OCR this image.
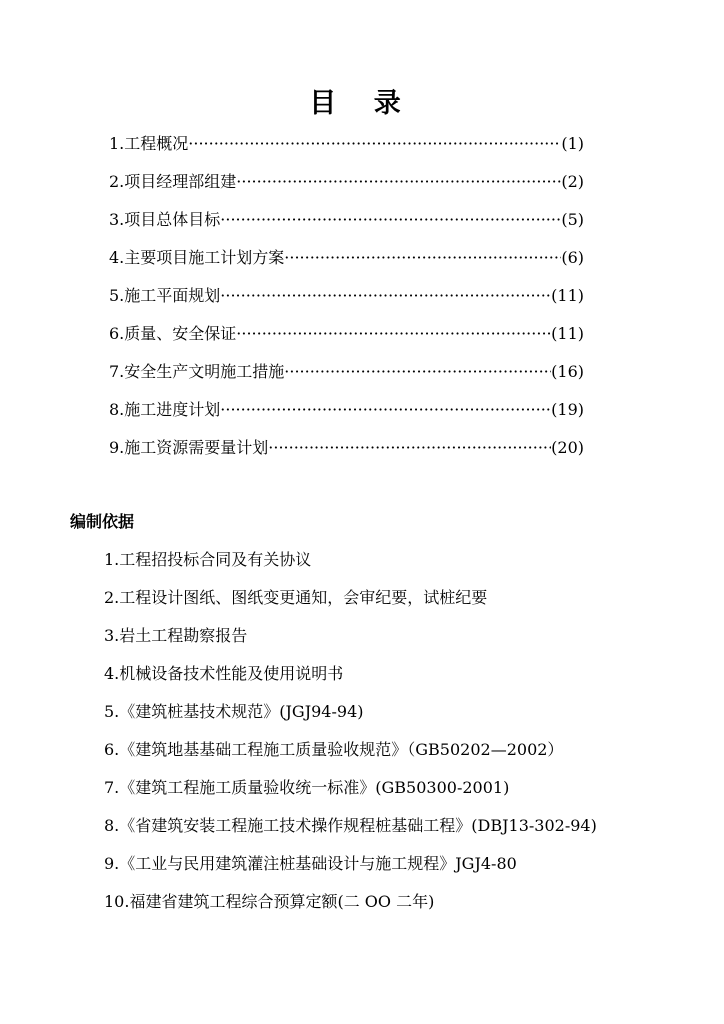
目 录
1.工程概况 ·····	(1)
2.项目经理部组建 ·····	(2)
3.项目总体目标 ·····	(5)
4.主要项目施工计划方案 ·····	(6)
5.施工平面规划 ·····	(11)
6.质量、安全保证 ·····	(11)
7.安全生产文明施工措施 ·····	(16)
8.施工进度计划 ·····	(19)
9.施工资源需要量计划 ·····	(20)
编制依据
1.工程招投标合同及有关协议
2.工程设计图纸、图纸变更通知，会审纪要，试桩纪要
3.岩土工程勘察报告
4.机械设备技术性能及使用说明书
5.《建筑桩基技术规范》(JGJ94-94)
6.《建筑地基基础工程施工质量验收规范》（GB50202—2002）
7.《建筑工程施工质量验收统一标准》(GB50300-2001)
8.《省建筑安装工程施工技术操作规程桩基础工程》(DBJ13-302-94)
9.《工业与民用建筑灌注桩基础设计与施工规程》JGJ4-80
10.福建省建筑工程综合预算定额(二 OO 二年)
